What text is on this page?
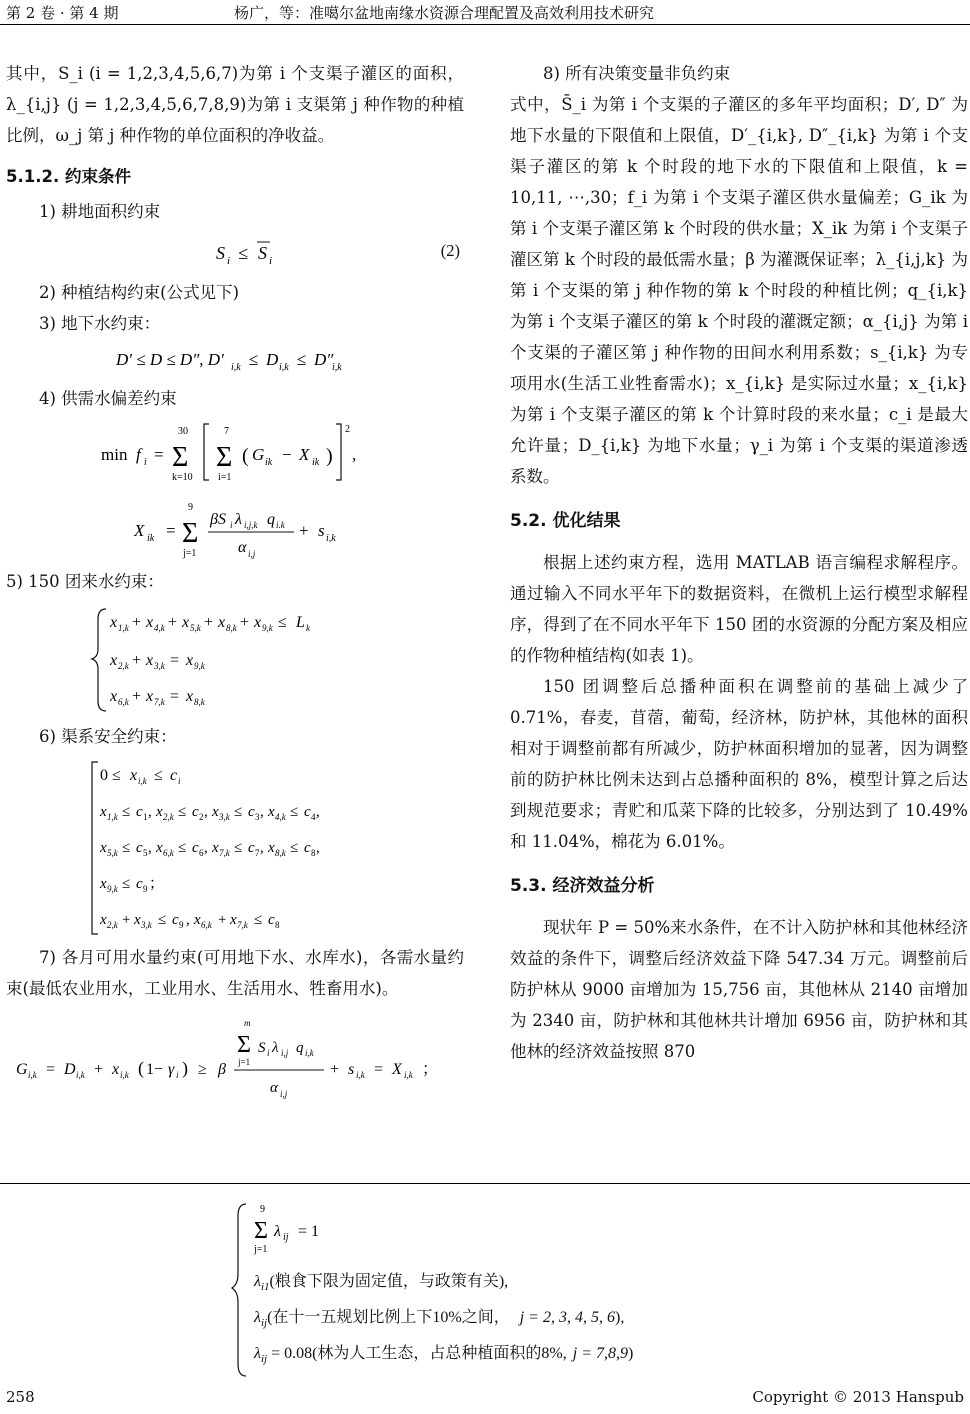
第 2 卷 · 第 4 期	杨广，等：准噶尔盆地南缘水资源合理配置及高效利用技术研究

其中，S_i (i = 1,2,3,4,5,6,7)为第 i 个支渠子灌区的面积，λ_{i,j} (j = 1,2,3,4,5,6,7,8,9)为第 i 支渠第 j 种作物的种植比例，ω_j 第 j 种作物的单位面积的净收益。

5.1.2. 约束条件

1) 耕地面积约束

S i ≤ S i
(2)

2) 种植结构约束(公式见下)

3) 地下水约束：

D′ ≤ D ≤ D″, D′ i,k ≤ D i,k ≤ D″
i,k

4) 供需水偏差约束

min f i =
30
Σ
k=10
7
Σ
i=1
( G ik − X ik )
2
,
X ik =
9
Σ
j=1
βS i λ i,j,k q i.k
α i,j
+ s i,k

5) 150 团来水约束：

x 1,k + x 4,k + x 5,k + x 8,k + x 9,k ≤ L k
x 2,k + x 3,k = x 9,k
x 6,k + x 7,k = x 8,k

6) 渠系安全约束：

0 ≤ x i,k ≤ c i
x 1,k ≤ c 1 , x 2,k ≤ c 2 , x 3,k ≤ c 3 , x 4,k ≤ c 4 ,
x 5,k ≤ c 5 , x 6,k ≤ c 6 , x 7,k ≤ c 7 , x 8,k ≤ c 8 ,
x 9,k ≤ c 9 ；
x 2,k + x 3,k ≤ c 9 , x 6,k + x 7,k ≤ c 8

7) 各月可用水量约束(可用地下水、水库水)，各需水量约束(最低农业用水，工业用水、生活用水、牲畜用水)。

G i,k = D i,k + x i,k ( 1− γ i ) ≥ β
m
Σ
j=1
S i λ i,j q i,k
α i,j
+ s i,k = X i,k ；

8) 所有决策变量非负约束

式中，S̄_i 为第 i 个支渠的子灌区的多年平均面积；D′, D″ 为地下水量的下限值和上限值，D′_{i,k}, D″_{i,k} 为第 i 个支渠子灌区的第 k 个时段的地下水的下限值和上限值，k = 10,11, ⋯,30；f_i 为第 i 个支渠子灌区供水量偏差；G_ik 为第 i 个支渠子灌区第 k 个时段的供水量；X_ik 为第 i 个支渠子灌区第 k 个时段的最低需水量；β 为灌溉保证率；λ_{i,j,k} 为第 i 个支渠的第 j 种作物的第 k 个时段的种植比例；q_{i,k} 为第 i 个支渠子灌区的第 k 个时段的灌溉定额；α_{i,j} 为第 i 个支渠的子灌区第 j 种作物的田间水利用系数；s_{i,k} 为专项用水(生活工业牲畜需水)；x_{i,k} 是实际过水量；x_{i,k} 为第 i 个支渠子灌区的第 k 个计算时段的来水量；c_i 是最大允许量；D_{i,k} 为地下水量；γ_i 为第 i 个支渠的渠道渗透系数。

5.2. 优化结果

根据上述约束方程，选用 MATLAB 语言编程求解程序。通过输入不同水平年下的数据资料，在微机上运行模型求解程序，得到了在不同水平年下 150 团的水资源的分配方案及相应的作物种植结构(如表 1)。

150 团调整后总播种面积在调整前的基础上减少了 0.71%，春麦，苜蓿，葡萄，经济林，防护林，其他林的面积相对于调整前都有所减少，防护林面积增加的显著，因为调整前的防护林比例未达到占总播种面积的 8%，模型计算之后达到规范要求；青贮和瓜菜下降的比较多，分别达到了 10.49%和 11.04%，棉花为 6.01%。

5.3. 经济效益分析

现状年 P = 50%来水条件，在不计入防护林和其他林经济效益的条件下，调整后经济效益下降 547.34 万元。调整前后防护林从 9000 亩增加为 15,756 亩，其他林从 2140 亩增加为 2340 亩，防护林和其他林共计增加 6956 亩，防护林和其他林的经济效益按照 870

9
Σ
j=1
λ ij = 1
$\lambda_{i1}$(粮食下限为固定值，与政策有关),
$\lambda_{ij}$(在十一五规划比例上下10%之间， j = 2, 3, 4, 5, 6),
$\lambda_{ij} = 0.08$(林为人工生态，占总种植面积的8%, j = 7,8,9)
258	Copyright © 2013 Hanspub
